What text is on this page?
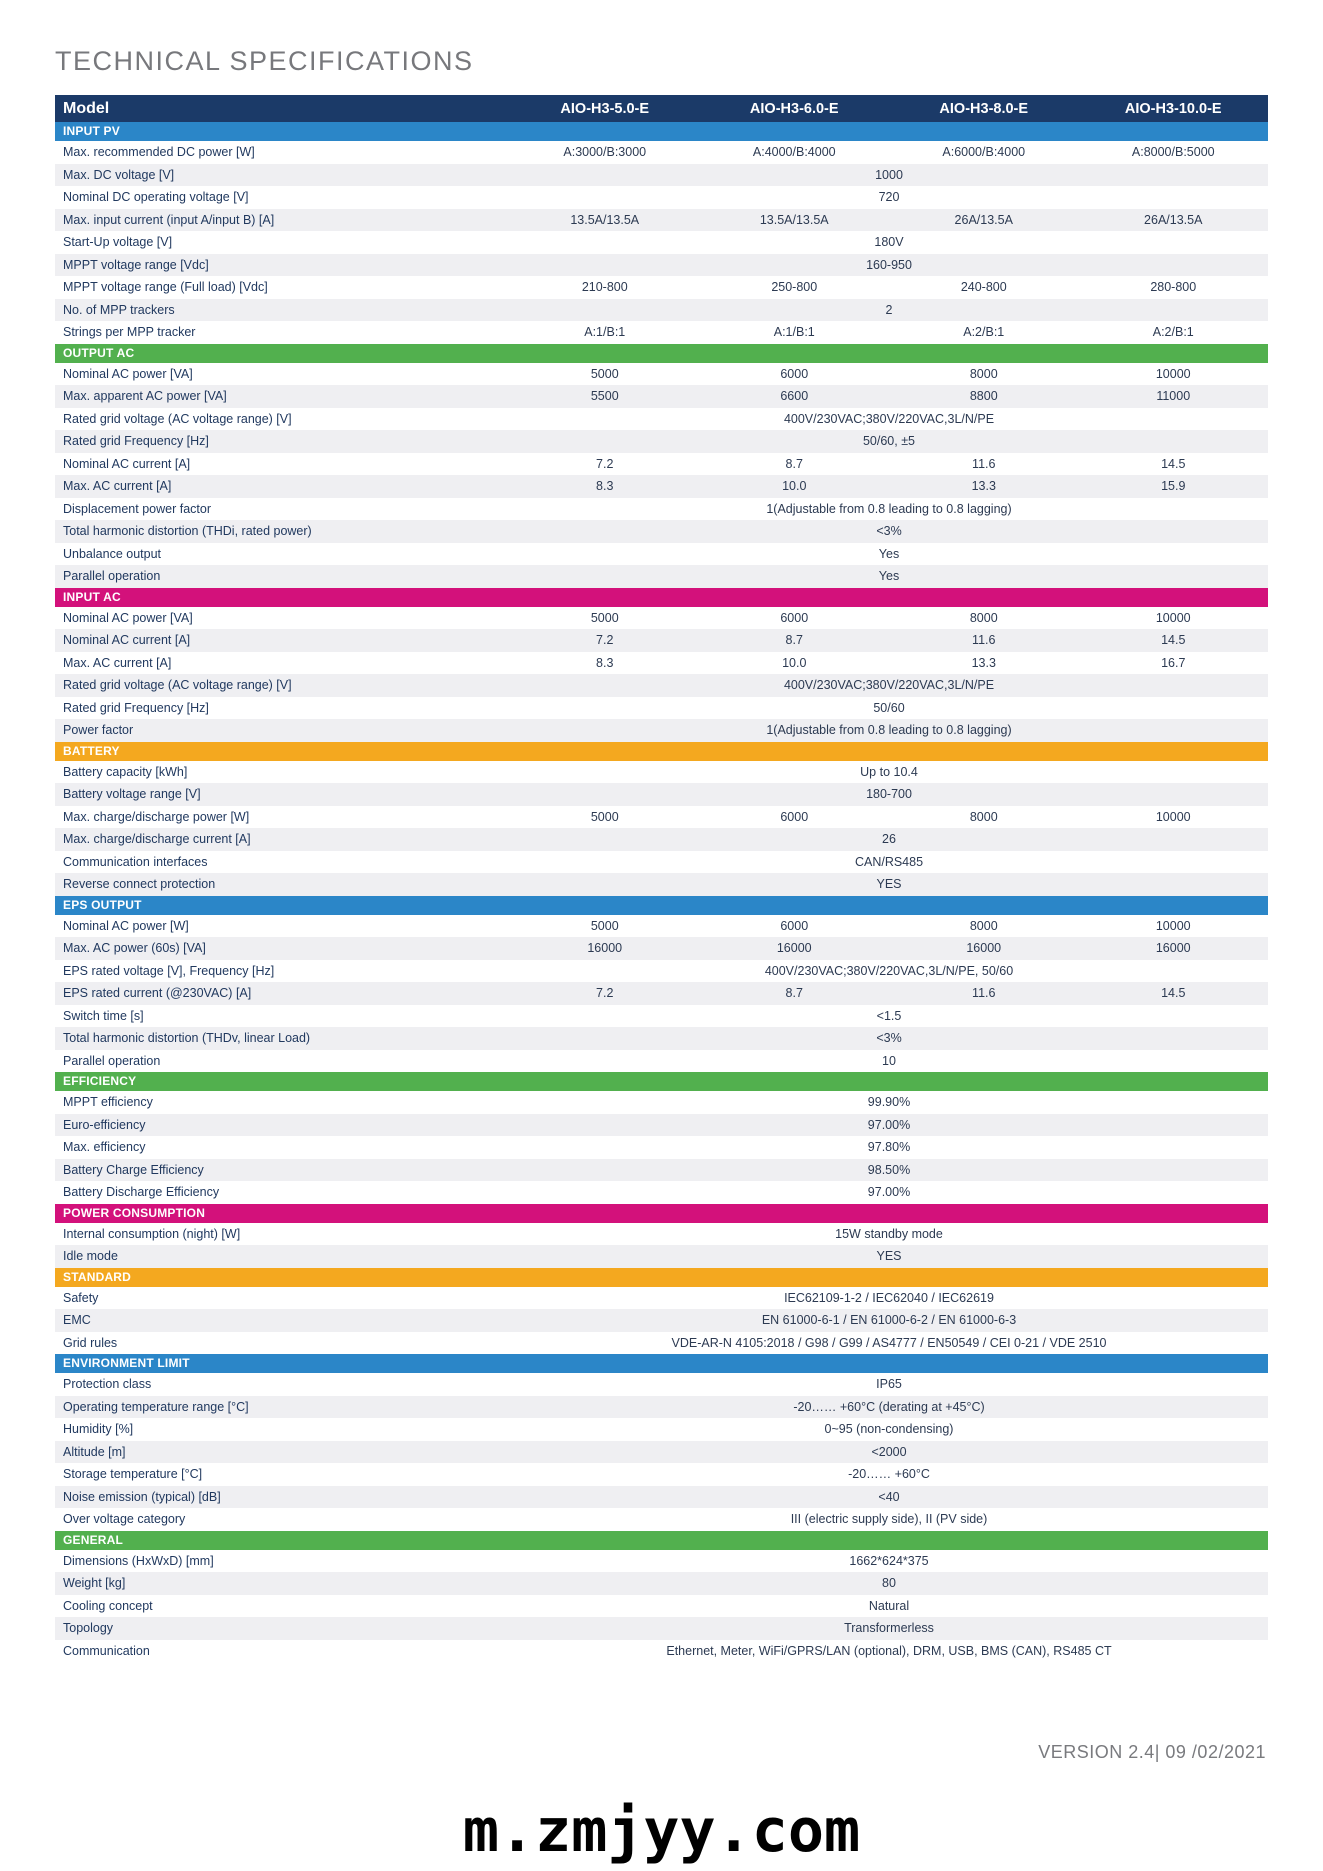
TECHNICAL SPECIFICATIONS
Model	AIO-H3-5.0-E	AIO-H3-6.0-E	AIO-H3-8.0-E	AIO-H3-10.0-E
INPUT PV
Max. recommended DC power [W]	A:3000/B:3000	A:4000/B:4000	A:6000/B:4000	A:8000/B:5000
Max. DC voltage [V]	1000
Nominal DC operating voltage [V]	720
Max. input current (input A/input B) [A]	13.5A/13.5A	13.5A/13.5A	26A/13.5A	26A/13.5A
Start-Up voltage [V]	180V
MPPT voltage range [Vdc]	160-950
MPPT voltage range (Full load) [Vdc]	210-800	250-800	240-800	280-800
No. of MPP trackers	2
Strings per MPP tracker	A:1/B:1	A:1/B:1	A:2/B:1	A:2/B:1
OUTPUT AC
Nominal AC power [VA]	5000	6000	8000	10000
Max. apparent AC power [VA]	5500	6600	8800	11000
Rated grid voltage (AC voltage range) [V]	400V/230VAC;380V/220VAC,3L/N/PE
Rated grid Frequency [Hz]	50/60, ±5
Nominal AC current [A]	7.2	8.7	11.6	14.5
Max. AC current [A]	8.3	10.0	13.3	15.9
Displacement power factor	1(Adjustable from 0.8 leading to 0.8 lagging)
Total harmonic distortion (THDi, rated power)	<3%
Unbalance output	Yes
Parallel operation	Yes
INPUT AC
Nominal AC power [VA]	5000	6000	8000	10000
Nominal AC current [A]	7.2	8.7	11.6	14.5
Max. AC current [A]	8.3	10.0	13.3	16.7
Rated grid voltage (AC voltage range) [V]	400V/230VAC;380V/220VAC,3L/N/PE
Rated grid Frequency [Hz]	50/60
Power factor	1(Adjustable from 0.8 leading to 0.8 lagging)
BATTERY
Battery capacity [kWh]	Up to 10.4
Battery voltage range [V]	180-700
Max. charge/discharge power [W]	5000	6000	8000	10000
Max. charge/discharge current [A]	26
Communication interfaces	CAN/RS485
Reverse connect protection	YES
EPS OUTPUT
Nominal AC power [W]	5000	6000	8000	10000
Max. AC power (60s) [VA]	16000	16000	16000	16000
EPS rated voltage [V], Frequency [Hz]	400V/230VAC;380V/220VAC,3L/N/PE, 50/60
EPS rated current (@230VAC) [A]	7.2	8.7	11.6	14.5
Switch time [s]	<1.5
Total harmonic distortion (THDv, linear Load)	<3%
Parallel operation	10
EFFICIENCY
MPPT efficiency	99.90%
Euro-efficiency	97.00%
Max. efficiency	97.80%
Battery Charge Efficiency	98.50%
Battery Discharge Efficiency	97.00%
POWER CONSUMPTION
Internal consumption (night) [W]	15W standby mode
Idle mode	YES
STANDARD
Safety	IEC62109-1-2 / IEC62040 / IEC62619
EMC	EN 61000-6-1 / EN 61000-6-2 / EN 61000-6-3
Grid rules	VDE-AR-N 4105:2018 / G98 / G99 / AS4777 / EN50549 / CEI 0-21 / VDE 2510
ENVIRONMENT LIMIT
Protection class	IP65
Operating temperature range [°C]	-20…… +60°C (derating at +45°C)
Humidity [%]	0~95 (non-condensing)
Altitude [m]	<2000
Storage temperature [°C]	-20…… +60°C
Noise emission (typical) [dB]	<40
Over voltage category	III (electric supply side), II (PV side)
GENERAL
Dimensions (HxWxD) [mm]	1662*624*375
Weight [kg]	80
Cooling concept	Natural
Topology	Transformerless
Communication	Ethernet, Meter, WiFi/GPRS/LAN (optional), DRM, USB, BMS (CAN), RS485 CT
VERSION 2.4| 09 /02/2021
m.zmjyy.com
